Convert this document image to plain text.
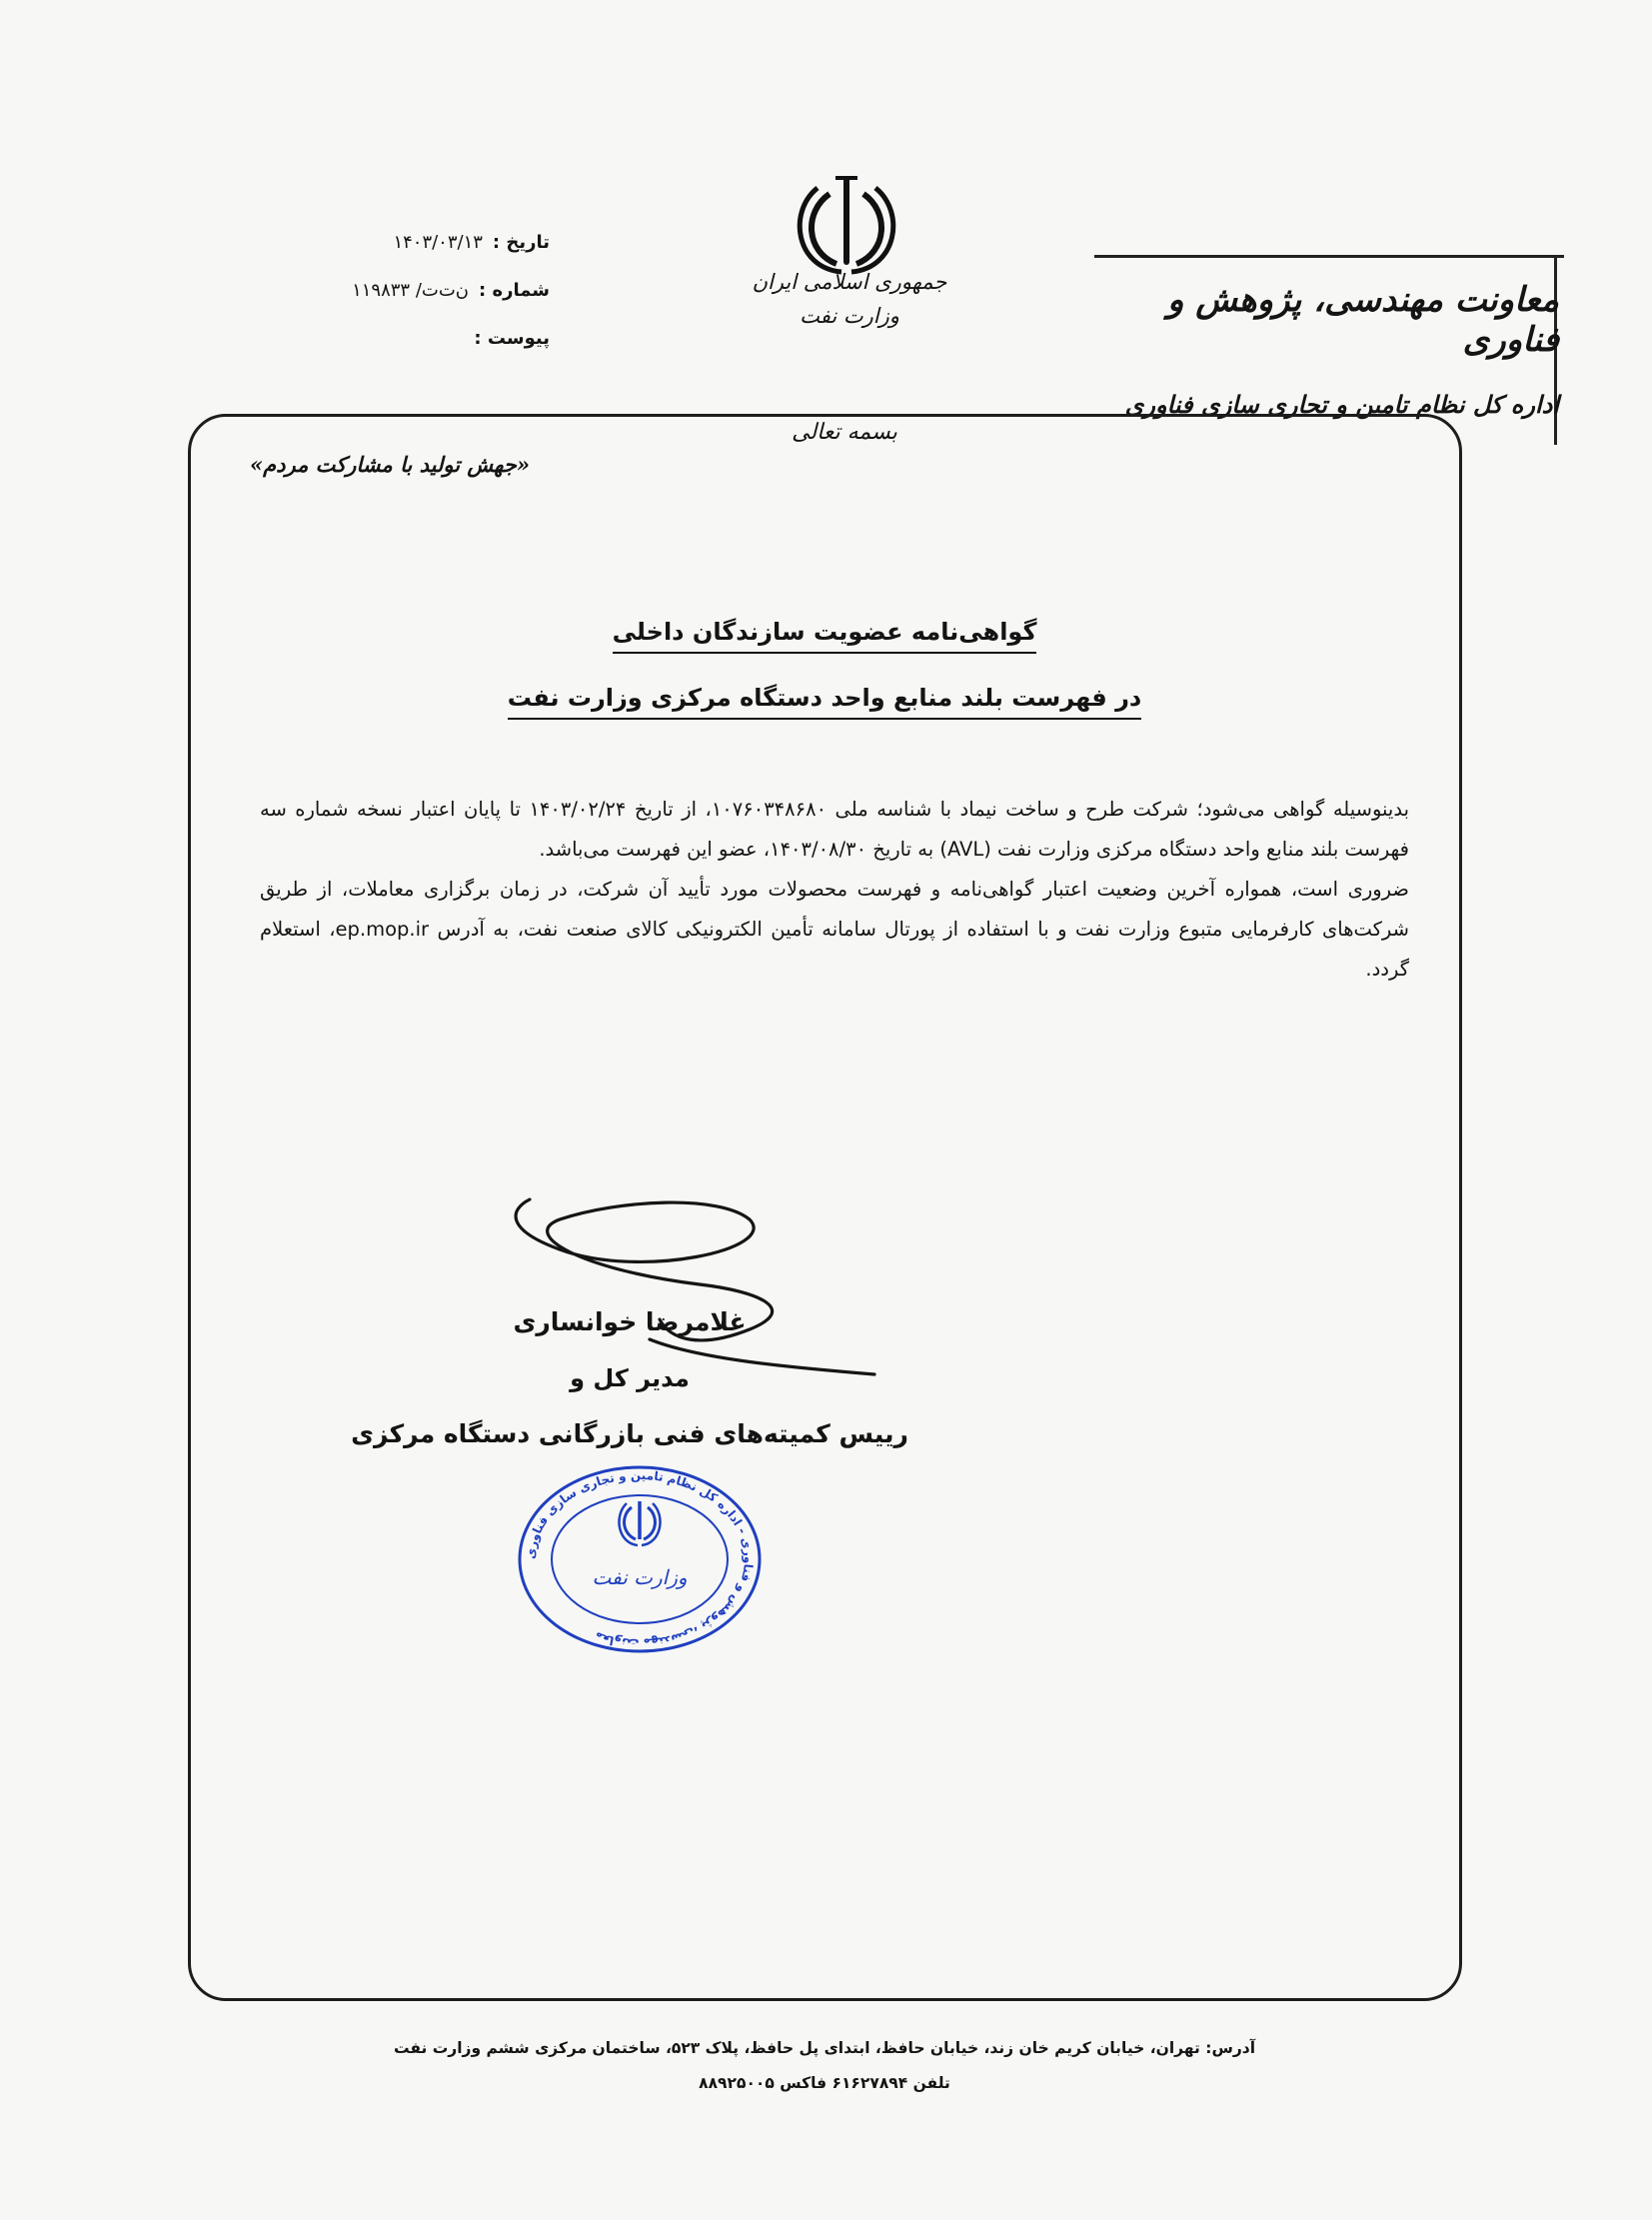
جمهوری اسلامی ایران
وزارت نفت
بسمه تعالی
تاریخ :
۱۴۰۳/۰۳/۱۳
شماره :
ن‌ت‌ت/ ۱۱۹۸۳۳
پیوست :
معاونت مهندسی، پژوهش و فناوری
اداره کل نظام تامین و تجاری سازی فناوری
«جهش تولید با مشارکت مردم»
گواهی‌نامه عضویت سازندگان داخلی
در فهرست بلند منابع واحد دستگاه مرکزی وزارت نفت

بدینوسیله گواهی می‌شود؛ شرکت طرح و ساخت نیماد با شناسه ملی ۱۰۷۶۰۳۴۸۶۸۰، از تاریخ ۱۴۰۳/۰۲/۲۴ تا پایان اعتبار نسخه شماره سه فهرست بلند منابع واحد دستگاه مرکزی وزارت نفت (AVL) به تاریخ ۱۴۰۳/۰۸/۳۰، عضو این فهرست می‌باشد.

ضروری است، همواره آخرین وضعیت اعتبار گواهی‌نامه و فهرست محصولات مورد تأیید آن شرکت، در زمان برگزاری معاملات، از طریق شرکت‌های کارفرمایی متبوع وزارت نفت و با استفاده از پورتال سامانه تأمین الکترونیکی کالای صنعت نفت، به آدرس ep.mop.ir، استعلام گردد.

غلامرضا خوانساری
مدیر کل و
رییس کمیته‌های فنی بازرگانی دستگاه مرکزی
وزارت نفت
معاونت مهندسی، پژوهش و فناوری - اداره کل نظام تامین و تجاری سازی فناوری
آدرس: تهران، خیابان کریم خان زند، خیابان حافظ، ابتدای پل حافظ، پلاک ۵۲۳، ساختمان مرکزی ششم وزارت نفت
تلفن ۶۱۶۲۷۸۹۴ فاکس ۸۸۹۲۵۰۰۵
